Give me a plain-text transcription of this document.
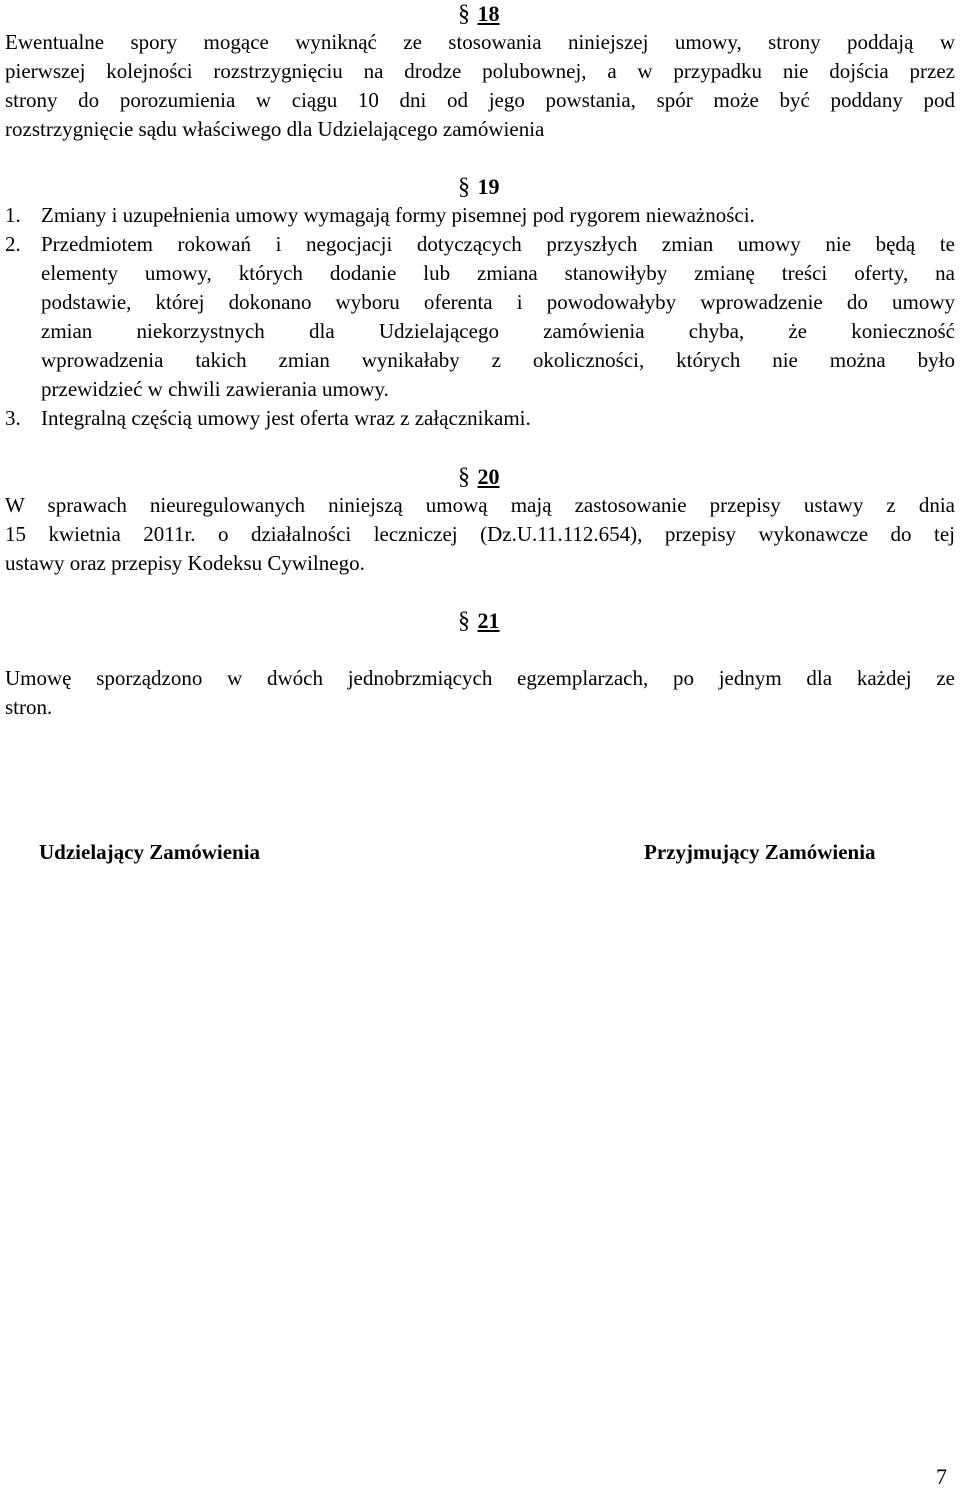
§ 18
Ewentualne spory mogące wyniknąć ze stosowania niniejszej umowy, strony poddają w
pierwszej kolejności rozstrzygnięciu na drodze polubownej, a w przypadku nie dojścia przez
strony do porozumienia w ciągu 10 dni od jego powstania, spór może być poddany pod
rozstrzygnięcie sądu właściwego dla Udzielającego zamówienia
§ 19
1. Zmiany i uzupełnienia umowy wymagają formy pisemnej pod rygorem nieważności.
2. Przedmiotem rokowań i negocjacji dotyczących przyszłych zmian umowy nie będą te
elementy umowy, których dodanie lub zmiana stanowiłyby zmianę treści oferty, na
podstawie, której dokonano wyboru oferenta i powodowałyby wprowadzenie do umowy
zmian niekorzystnych dla Udzielającego zamówienia chyba, że konieczność
wprowadzenia takich zmian wynikałaby z okoliczności, których nie można było
przewidzieć w chwili zawierania umowy.
3. Integralną częścią umowy jest oferta wraz z załącznikami.
§ 20
W sprawach nieuregulowanych niniejszą umową mają zastosowanie przepisy ustawy z dnia
15 kwietnia 2011r. o działalności leczniczej (Dz.U.11.112.654), przepisy wykonawcze do tej
ustawy oraz przepisy Kodeksu Cywilnego.
§ 21
Umowę sporządzono w dwóch jednobrzmiących egzemplarzach, po jednym dla każdej ze
stron.
Udzielający Zamówienia	Przyjmujący Zamówienia
7
